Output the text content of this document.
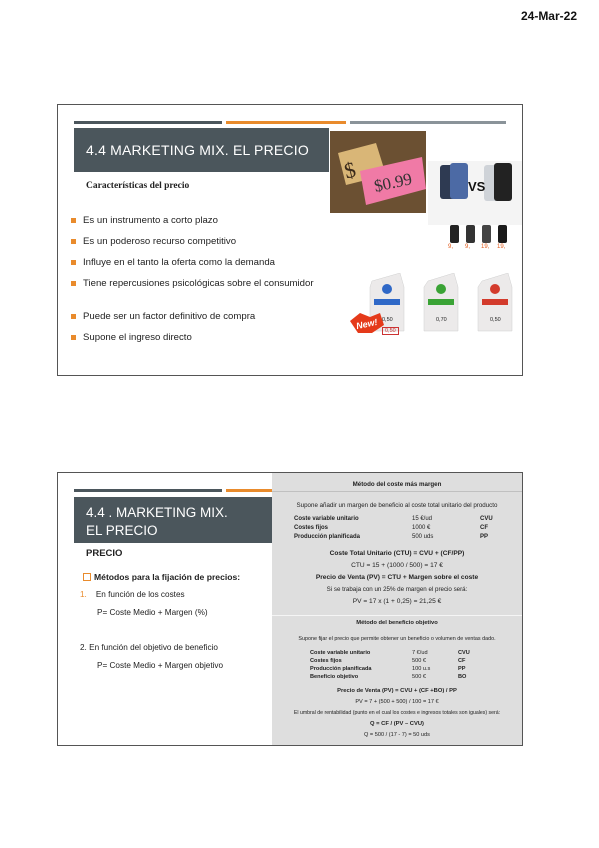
24-Mar-22
4.4 MARKETING MIX. EL PRECIO
$ $0.99	VS
9, 9, 19, 19,
New! 0,50
0,50
0,70	0,50
Características del precio
Es un instrumento a corto plazo
Es un poderoso recurso competitivo
Influye en el tanto la oferta como la demanda
Tiene repercusiones psicológicas sobre el consumidor
Puede ser un factor definitivo de compra
Supone el ingreso directo
4.4 . MARKETING MIX.
EL PRECIO
PRECIO
Métodos para la fijación de precios:
1. En función de los costes
P= Coste Medio + Margen (%)
2. En función del objetivo de beneficio
P= Coste Medio + Margen objetivo
Método del coste más margen
Supone añadir un margen de beneficio al coste total unitario del producto
Coste variable unitario	15 €/ud	CVU
Costes fijos	1000 €	CF
Producción planificada	500 uds	PP
Coste Total Unitario (CTU) = CVU + (CF/PP)
CTU = 15 + (1000 / 500) = 17 €
Precio de Venta (PV) = CTU + Margen sobre el coste
Si se trabaja con un 25% de margen el precio será:
PV = 17 x (1 + 0,25) = 21,25 €
Método del beneficio objetivo
Supone fijar el precio que permite obtener un beneficio o volumen de ventas dado.
Coste variable unitario	7 €/ud	CVU
Costes fijos	500 €	CF
Producción planificada	100 u.s	PP
Beneficio objetivo	500 €	BO
Precio de Venta (PV) = CVU + (CF +BO) / PP
PV = 7 + (500 + 500) / 100 = 17 €
El umbral de rentabilidad (punto en el cual los costes e ingresos totales son iguales) será:
Q = CF / (PV – CVU)
Q = 500 / (17 - 7) = 50 uds
